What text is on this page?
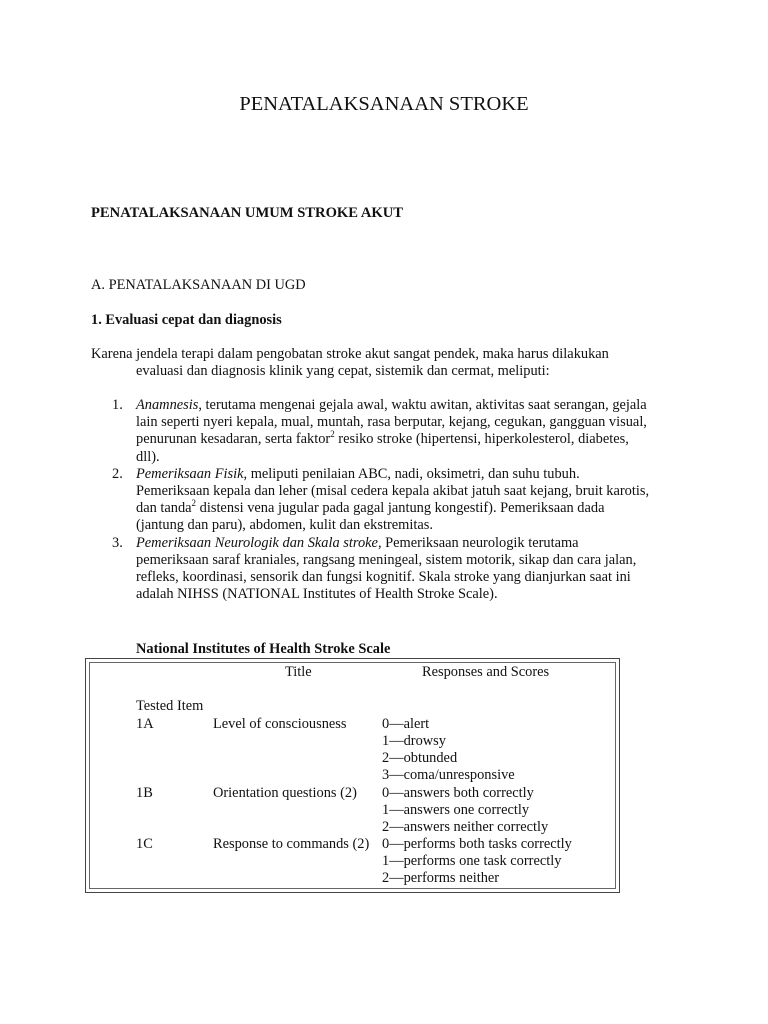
PENATALAKSANAAN STROKE
PENATALAKSANAAN UMUM STROKE AKUT
A. PENATALAKSANAAN DI UGD
1. Evaluasi cepat dan diagnosis
Karena jendela terapi dalam pengobatan stroke akut sangat pendek, maka harus dilakukan
evaluasi dan diagnosis klinik yang cepat, sistemik dan cermat, meliputi:
1. Anamnesis, terutama mengenai gejala awal, waktu awitan, aktivitas saat serangan, gejala
lain seperti nyeri kepala, mual, muntah, rasa berputar, kejang, cegukan, gangguan visual,
penurunan kesadaran, serta faktor$^2$ resiko stroke (hipertensi, hiperkolesterol, diabetes,
dll).
2. Pemeriksaan Fisik, meliputi penilaian ABC, nadi, oksimetri, dan suhu tubuh.
Pemeriksaan kepala dan leher (misal cedera kepala akibat jatuh saat kejang, bruit karotis,
dan tanda$^2$ distensi vena jugular pada gagal jantung kongestif). Pemeriksaan dada
(jantung dan paru), abdomen, kulit dan ekstremitas.
3. Pemeriksaan Neurologik dan Skala stroke, Pemeriksaan neurologik terutama
pemeriksaan saraf kraniales, rangsang meningeal, sistem motorik, sikap dan cara jalan,
refleks, koordinasi, sensorik dan fungsi kognitif. Skala stroke yang dianjurkan saat ini
adalah NIHSS (NATIONAL Institutes of Health Stroke Scale).
National Institutes of Health Stroke Scale
Title	Responses and Scores
Tested Item
1A	Level of consciousness 0—alert
1—drowsy
2—obtunded
3—coma/unresponsive
1B	Orientation questions (2) 0—answers both correctly
1—answers one correctly
2—answers neither correctly
1C	Response to commands (2) 0—performs both tasks correctly
1—performs one task correctly
2—performs neither
